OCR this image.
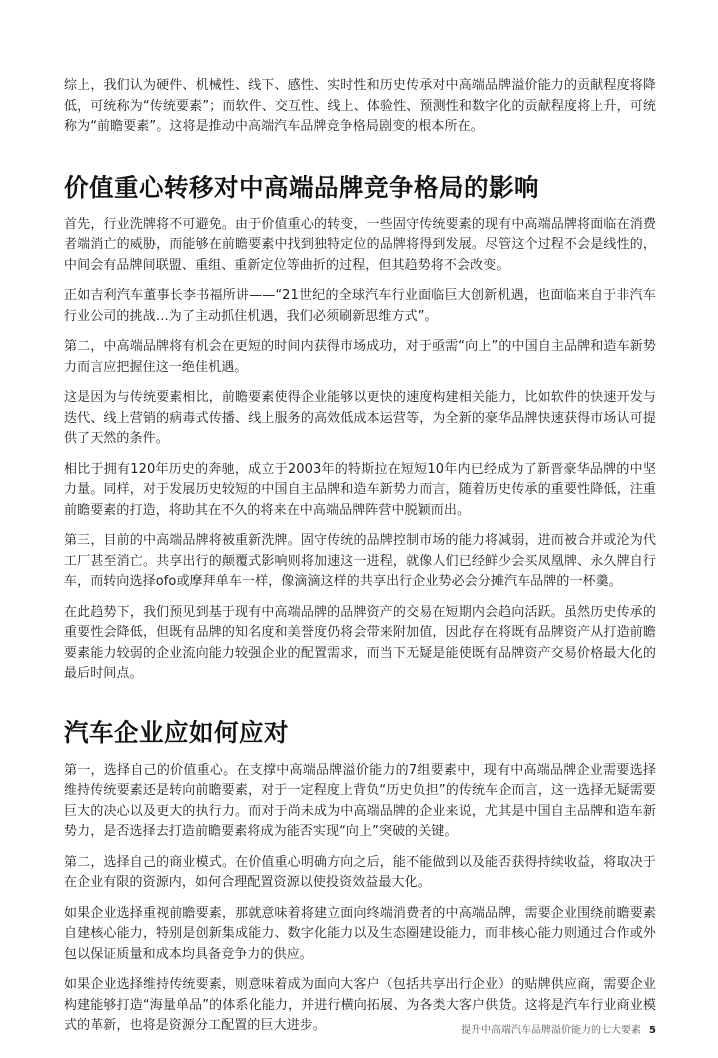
综上，我们认为硬件、机械性、线下、感性、实时性和历史传承对中高端品牌溢价能力的贡献程度将降低，可统称为“传统要素”；而软件、交互性、线上、体验性、预测性和数字化的贡献程度将上升，可统称为“前瞻要素”。这将是推动中高端汽车品牌竞争格局剧变的根本所在。

价值重心转移对中高端品牌竞争格局的影响

首先，行业洗牌将不可避免。由于价值重心的转变，一些固守传统要素的现有中高端品牌将面临在消费者端消亡的威胁，而能够在前瞻要素中找到独特定位的品牌将得到发展。尽管这个过程不会是线性的，中间会有品牌间联盟、重组、重新定位等曲折的过程，但其趋势将不会改变。

正如吉利汽车董事长李书福所讲——“21世纪的全球汽车行业面临巨大创新机遇，也面临来自于非汽车行业公司的挑战…为了主动抓住机遇，我们必须刷新思维方式”。

第二，中高端品牌将有机会在更短的时间内获得市场成功，对于亟需“向上”的中国自主品牌和造车新势力而言应把握住这一绝佳机遇。

这是因为与传统要素相比，前瞻要素使得企业能够以更快的速度构建相关能力，比如软件的快速开发与迭代、线上营销的病毒式传播、线上服务的高效低成本运营等，为全新的豪华品牌快速获得市场认可提供了天然的条件。

相比于拥有120年历史的奔驰，成立于2003年的特斯拉在短短10年内已经成为了新晋豪华品牌的中坚力量。同样，对于发展历史较短的中国自主品牌和造车新势力而言，随着历史传承的重要性降低，注重前瞻要素的打造，将助其在不久的将来在中高端品牌阵营中脱颖而出。

第三，目前的中高端品牌将被重新洗牌。固守传统的品牌控制市场的能力将减弱，进而被合并或沦为代工厂甚至消亡。共享出行的颠覆式影响则将加速这一进程，就像人们已经鲜少会买凤凰牌、永久牌自行车，而转向选择ofo或摩拜单车一样，像滴滴这样的共享出行企业势必会分摊汽车品牌的一杯羹。

在此趋势下，我们预见到基于现有中高端品牌的品牌资产的交易在短期内会趋向活跃。虽然历史传承的重要性会降低，但既有品牌的知名度和美誉度仍将会带来附加值，因此存在将既有品牌资产从打造前瞻要素能力较弱的企业流向能力较强企业的配置需求，而当下无疑是能使既有品牌资产交易价格最大化的最后时间点。

汽车企业应如何应对

第一，选择自己的价值重心。在支撑中高端品牌溢价能力的7组要素中，现有中高端品牌企业需要选择维持传统要素还是转向前瞻要素，对于一定程度上背负“历史负担”的传统车企而言，这一选择无疑需要巨大的决心以及更大的执行力。而对于尚未成为中高端品牌的企业来说，尤其是中国自主品牌和造车新势力，是否选择去打造前瞻要素将成为能否实现“向上”突破的关键。

第二，选择自己的商业模式。在价值重心明确方向之后，能不能做到以及能否获得持续收益，将取决于在企业有限的资源内，如何合理配置资源以使投资效益最大化。

如果企业选择重视前瞻要素，那就意味着将建立面向终端消费者的中高端品牌，需要企业围绕前瞻要素自建核心能力，特别是创新集成能力、数字化能力以及生态圈建设能力，而非核心能力则通过合作或外包以保证质量和成本均具备竞争力的供应。

如果企业选择维持传统要素，则意味着成为面向大客户（包括共享出行企业）的贴牌供应商，需要企业构建能够打造“海量单品”的体系化能力，并进行横向拓展、为各类大客户供货。这将是汽车行业商业模式的革新，也将是资源分工配置的巨大进步。	提升中高端汽车品牌溢价能力的七大要素 5
